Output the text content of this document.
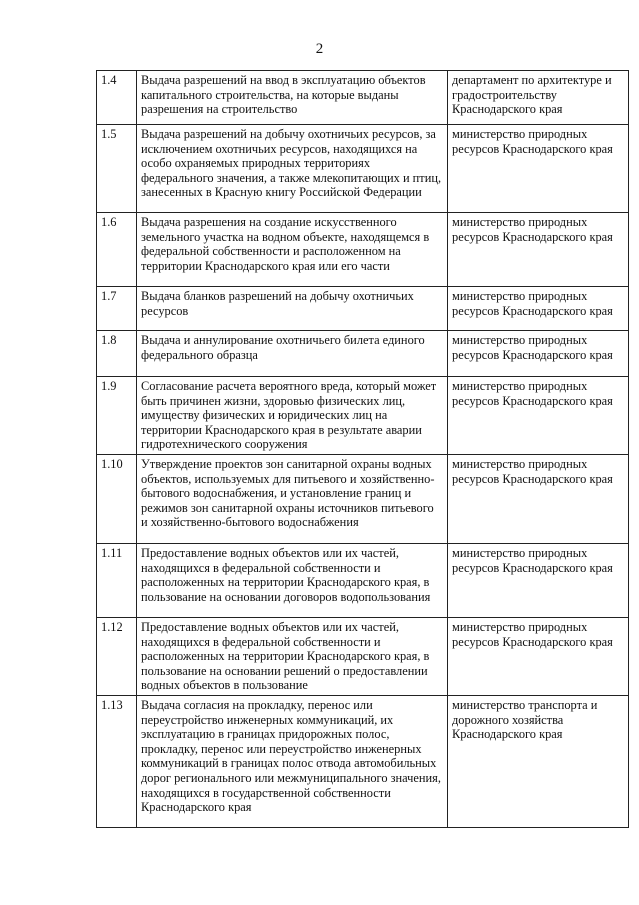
2
1.4	Выдача разрешений на ввод в эксплуатацию объектов капитального строительства, на которые выданы разрешения на строительство	департамент по архитектуре и градостроительству Краснодарского края
1.5	Выдача разрешений на добычу охотничьих ресурсов, за исключением охотничьих ресурсов, находящихся на особо охраняемых природных территориях федерального значения, а также млекопитающих и птиц, занесенных в Красную книгу Российской Федерации	министерство природных ресурсов Краснодарского края
1.6	Выдача разрешения на создание искусственного земельного участка на водном объекте, находящемся в федеральной собственности и расположенном на территории Краснодарского края или его части	министерство природных ресурсов Краснодарского края
1.7	Выдача бланков разрешений на добычу охотничьих ресурсов	министерство природных ресурсов Краснодарского края
1.8	Выдача и аннулирование охотничьего билета единого федерального образца	министерство природных ресурсов Краснодарского края
1.9	Согласование расчета вероятного вреда, который может быть причинен жизни, здоровью физических лиц, имуществу физических и юридических лиц на территории Краснодарского края в результате аварии гидротехнического сооружения	министерство природных ресурсов Краснодарского края
1.10	Утверждение проектов зон санитарной охраны водных объектов, используемых для питьевого и хозяйственно-бытового водоснабжения, и установление границ и режимов зон санитарной охраны источников питьевого и хозяйственно-бытового водоснабжения	министерство природных ресурсов Краснодарского края
1.11	Предоставление водных объектов или их частей, находящихся в федеральной собственности и расположенных на территории Краснодарского края, в пользование на основании договоров водопользования	министерство природных ресурсов Краснодарского края
1.12	Предоставление водных объектов или их частей, находящихся в федеральной собственности и расположенных на территории Краснодарского края, в пользование на основании решений о предоставлении водных объектов в пользование	министерство природных ресурсов Краснодарского края
1.13	Выдача согласия на прокладку, перенос или переустройство инженерных коммуникаций, их эксплуатацию в границах придорожных полос, прокладку, перенос или переустройство инженерных коммуникаций в границах полос отвода автомобильных дорог регионального или межмуниципального значения, находящихся в государственной собственности Краснодарского края	министерство транспорта и дорожного хозяйства Краснодарского края
